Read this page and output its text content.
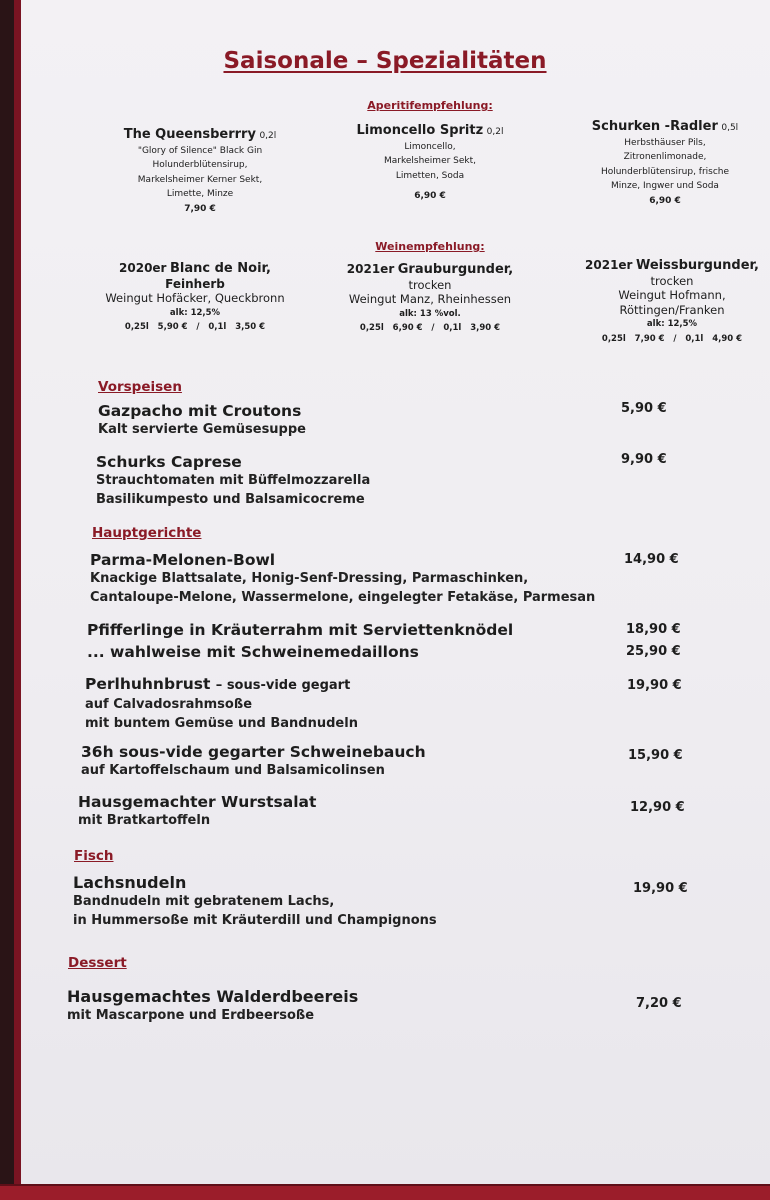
Saisonale – Spezialitäten
Aperitifempfehlung:
The Queensberrry 0,2l
"Glory of Silence" Black Gin
Holunderblütensirup,
Markelsheimer Kerner Sekt,
Limette, Minze
7,90 €
Limoncello Spritz 0,2l
Limoncello,
Markelsheimer Sekt,
Limetten, Soda
6,90 €
Schurken -Radler 0,5l
Herbsthäuser Pils,
Zitronenlimonade,
Holunderblütensirup, frische
Minze, Ingwer und Soda
6,90 €
Weinempfehlung:
2020er Blanc de Noir,
Feinherb
Weingut Hofäcker, Queckbronn
alk: 12,5%
0,25l   5,90 €   /   0,1l   3,50 €
2021er Grauburgunder,
trocken
Weingut Manz, Rheinhessen
alk: 13 %vol.
0,25l   6,90 €   /   0,1l   3,90 €
2021er Weissburgunder,
trocken
Weingut Hofmann,
Röttingen/Franken
alk: 12,5%
0,25l   7,90 €   /   0,1l   4,90 €
Vorspeisen
Gazpacho mit Croutons
Kalt servierte Gemüsesuppe
5,90 €
Schurks Caprese
Strauchtomaten mit Büffelmozzarella
Basilikumpesto und Balsamicocreme
9,90 €
Hauptgerichte
Parma-Melonen-Bowl
Knackige Blattsalate, Honig-Senf-Dressing, Parmaschinken,
Cantaloupe-Melone, Wassermelone, eingelegter Fetakäse, Parmesan
14,90 €
Pfifferlinge in Kräuterrahm mit Serviettenknödel
... wahlweise mit Schweinemedaillons
18,90 €
25,90 €
Perlhuhnbrust – sous-vide gegart
auf Calvadosrahmsoße
mit buntem Gemüse und Bandnudeln
19,90 €
36h sous-vide gegarter Schweinebauch
auf Kartoffelschaum und Balsamicolinsen
15,90 €
Hausgemachter Wurstsalat
mit Bratkartoffeln
12,90 €
Fisch
Lachsnudeln
Bandnudeln mit gebratenem Lachs,
in Hummersoße mit Kräuterdill und Champignons
19,90 €
Dessert
Hausgemachtes Walderdbeereis
mit Mascarpone und Erdbeersoße
7,20 €
